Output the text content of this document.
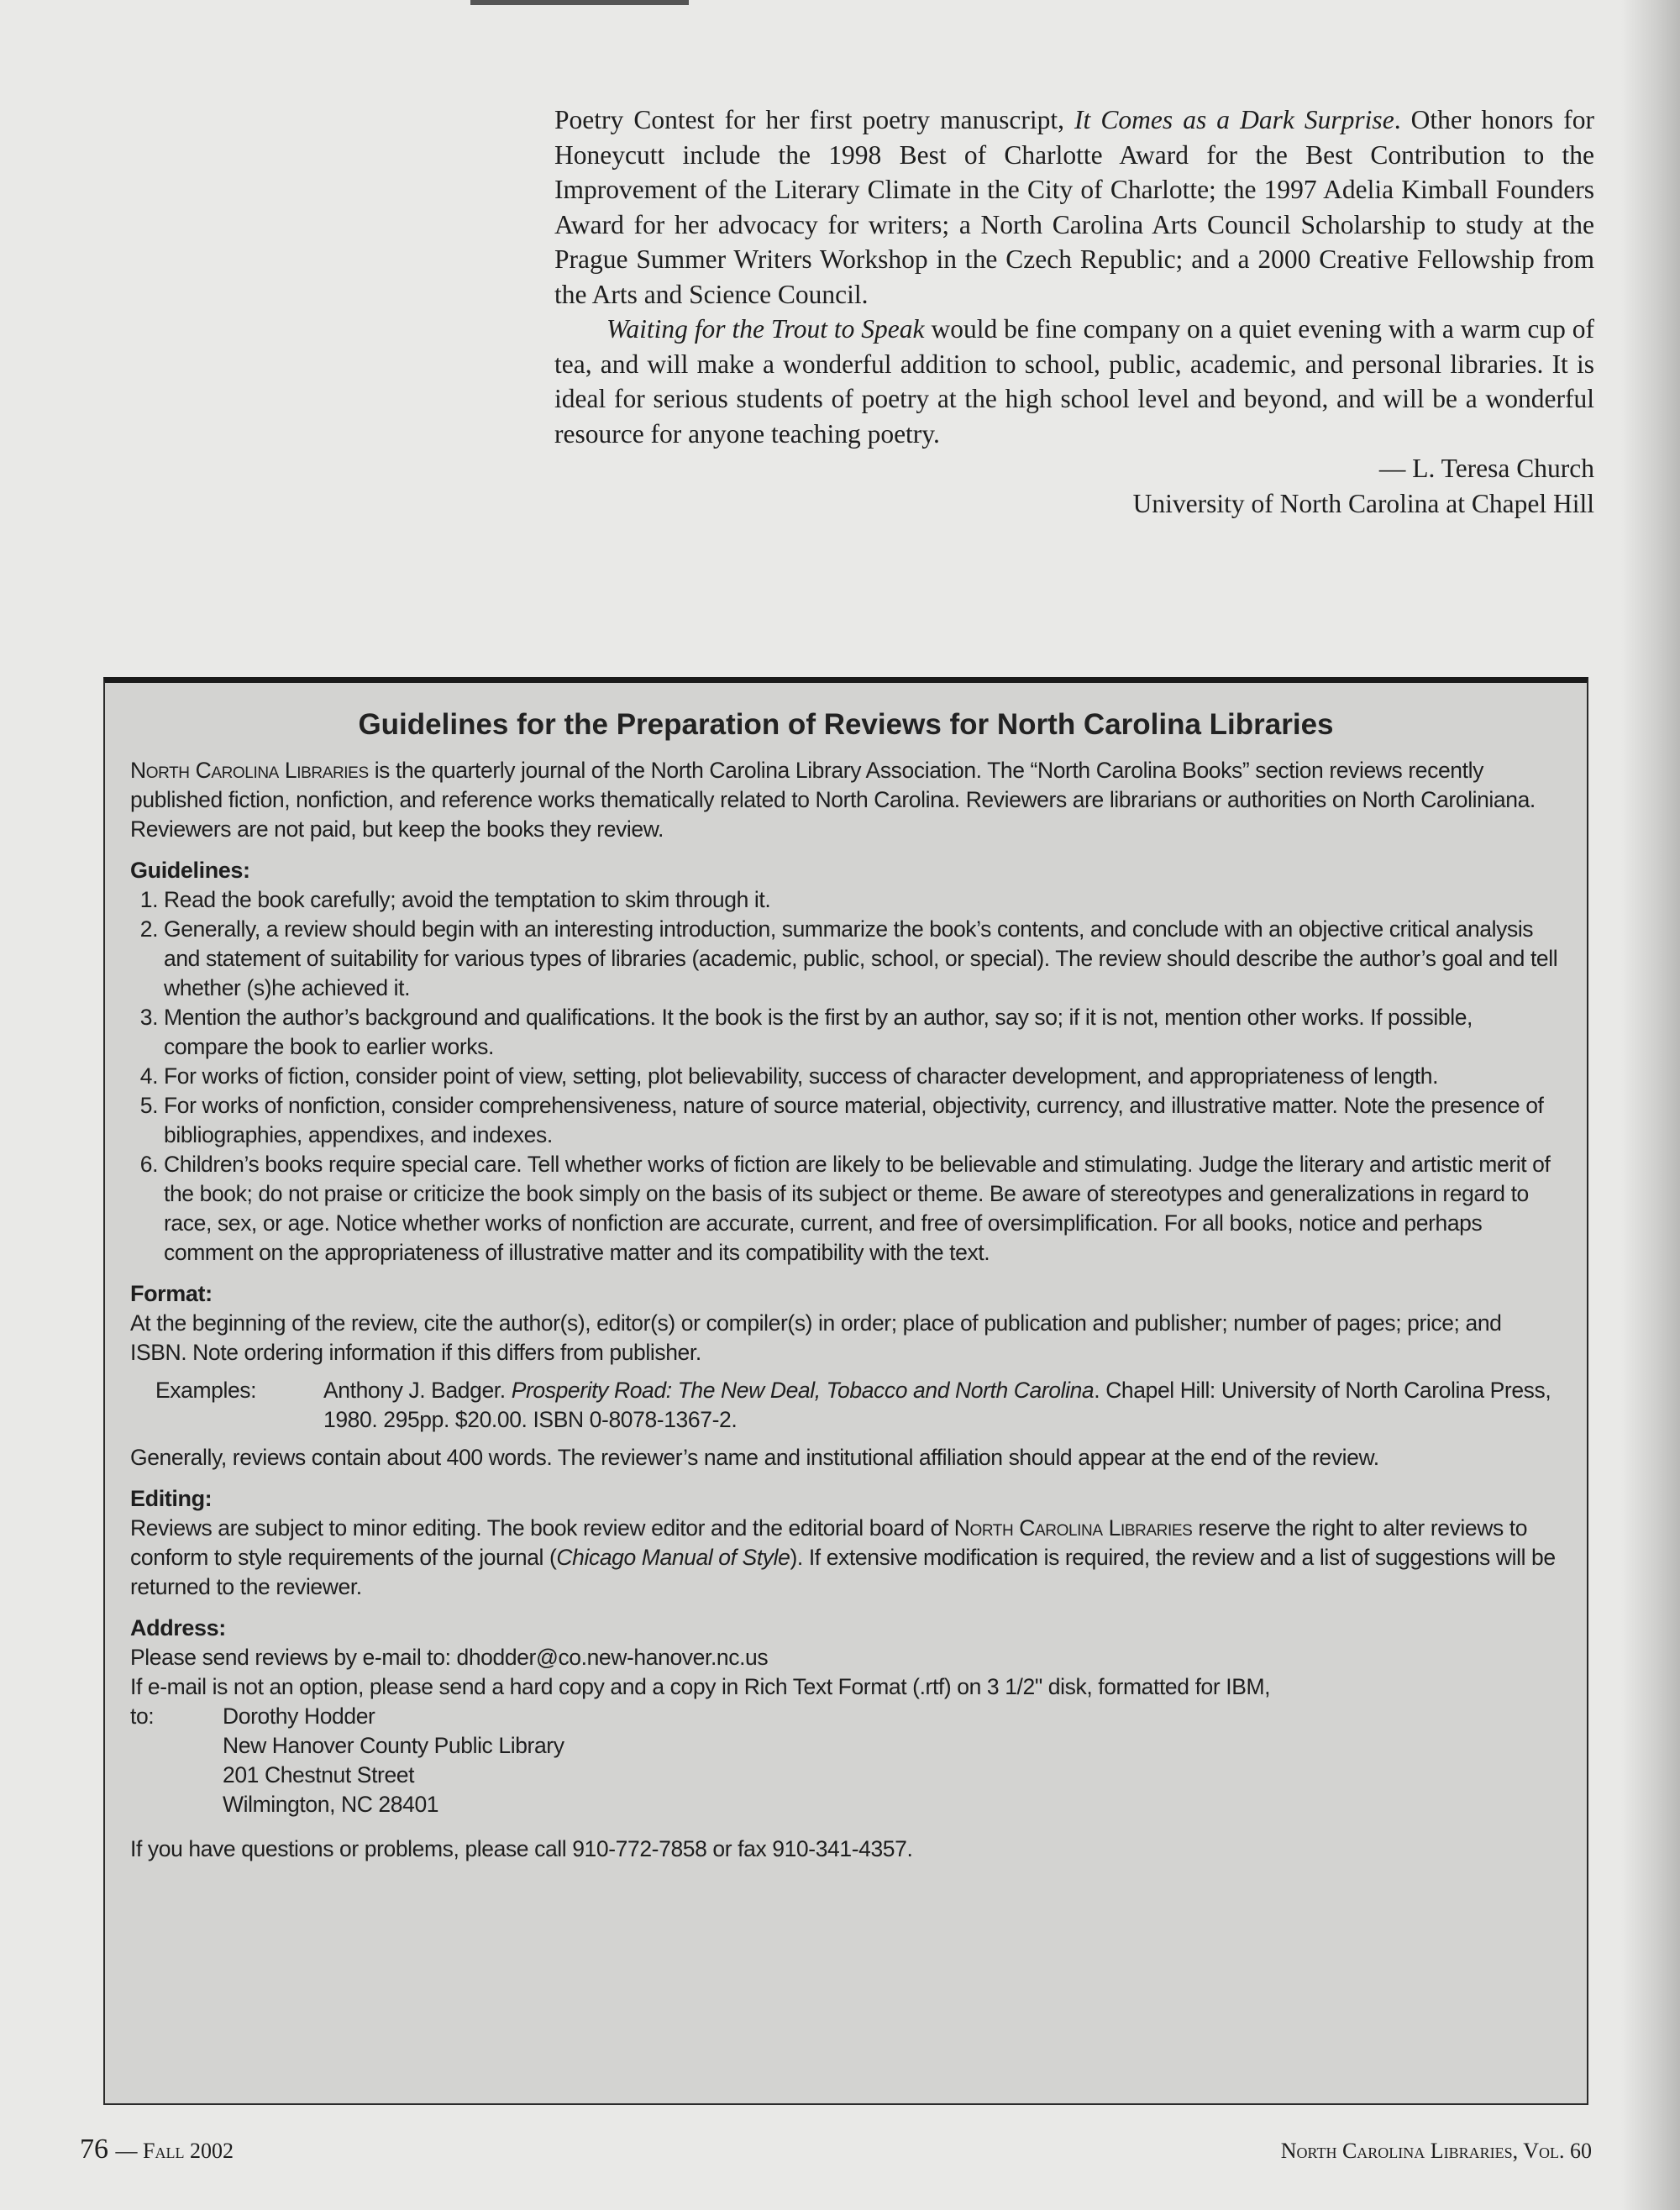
Poetry Contest for her first poetry manuscript, It Comes as a Dark Surprise. Other honors for Honeycutt include the 1998 Best of Charlotte Award for the Best Contribution to the Improvement of the Literary Climate in the City of Charlotte; the 1997 Adelia Kimball Founders Award for her advocacy for writers; a North Carolina Arts Council Scholarship to study at the Prague Summer Writers Workshop in the Czech Republic; and a 2000 Creative Fellowship from the Arts and Science Council.

Waiting for the Trout to Speak would be fine company on a quiet evening with a warm cup of tea, and will make a wonderful addition to school, public, academic, and personal libraries. It is ideal for serious students of poetry at the high school level and beyond, and will be a wonderful resource for anyone teaching poetry.

— L. Teresa Church

University of North Carolina at Chapel Hill

Guidelines for the Preparation of Reviews for North Carolina Libraries

North Carolina Libraries is the quarterly journal of the North Carolina Library Association. The “North Carolina Books” section reviews recently published fiction, nonfiction, and reference works thematically related to North Carolina. Reviewers are librarians or authorities on North Caroliniana. Reviewers are not paid, but keep the books they review.

Guidelines:
1. Read the book carefully; avoid the temptation to skim through it.
2. Generally, a review should begin with an interesting introduction, summarize the book’s contents, and conclude with an objective critical analysis and statement of suitability for various types of libraries (academic, public, school, or special). The review should describe the author’s goal and tell whether (s)he achieved it.
3. Mention the author’s background and qualifications. It the book is the first by an author, say so; if it is not, mention other works. If possible, compare the book to earlier works.
4. For works of fiction, consider point of view, setting, plot believability, success of character development, and appropriateness of length.
5. For works of nonfiction, consider comprehensiveness, nature of source material, objectivity, currency, and illustrative matter. Note the presence of bibliographies, appendixes, and indexes.
6. Children’s books require special care. Tell whether works of fiction are likely to be believable and stimulating. Judge the literary and artistic merit of the book; do not praise or criticize the book simply on the basis of its subject or theme. Be aware of stereotypes and generalizations in regard to race, sex, or age. Notice whether works of nonfiction are accurate, current, and free of oversimplification. For all books, notice and perhaps comment on the appropriateness of illustrative matter and its compatibility with the text.
Format:

At the beginning of the review, cite the author(s), editor(s) or compiler(s) in order; place of publication and publisher; number of pages; price; and ISBN. Note ordering information if this differs from publisher.

Examples:	Anthony J. Badger. Prosperity Road: The New Deal, Tobacco and North Carolina. Chapel Hill: University of North Carolina Press, 1980. 295pp. $20.00. ISBN 0-8078-1367-2.

Generally, reviews contain about 400 words. The reviewer’s name and institutional affiliation should appear at the end of the review.

Editing:

Reviews are subject to minor editing. The book review editor and the editorial board of North Carolina Libraries reserve the right to alter reviews to conform to style requirements of the journal (Chicago Manual of Style). If extensive modification is required, the review and a list of suggestions will be returned to the reviewer.

Address:

Please send reviews by e-mail to: dhodder@co.new-hanover.nc.us

If e-mail is not an option, please send a hard copy and a copy in Rich Text Format (.rtf) on 3 1/2" disk, formatted for IBM,

to:	Dorothy Hodder
New Hanover County Public Library
201 Chestnut Street
Wilmington, NC 28401

If you have questions or problems, please call 910-772-7858 or fax 910-341-4357.

76 — Fall 2002	North Carolina Libraries, Vol. 60
